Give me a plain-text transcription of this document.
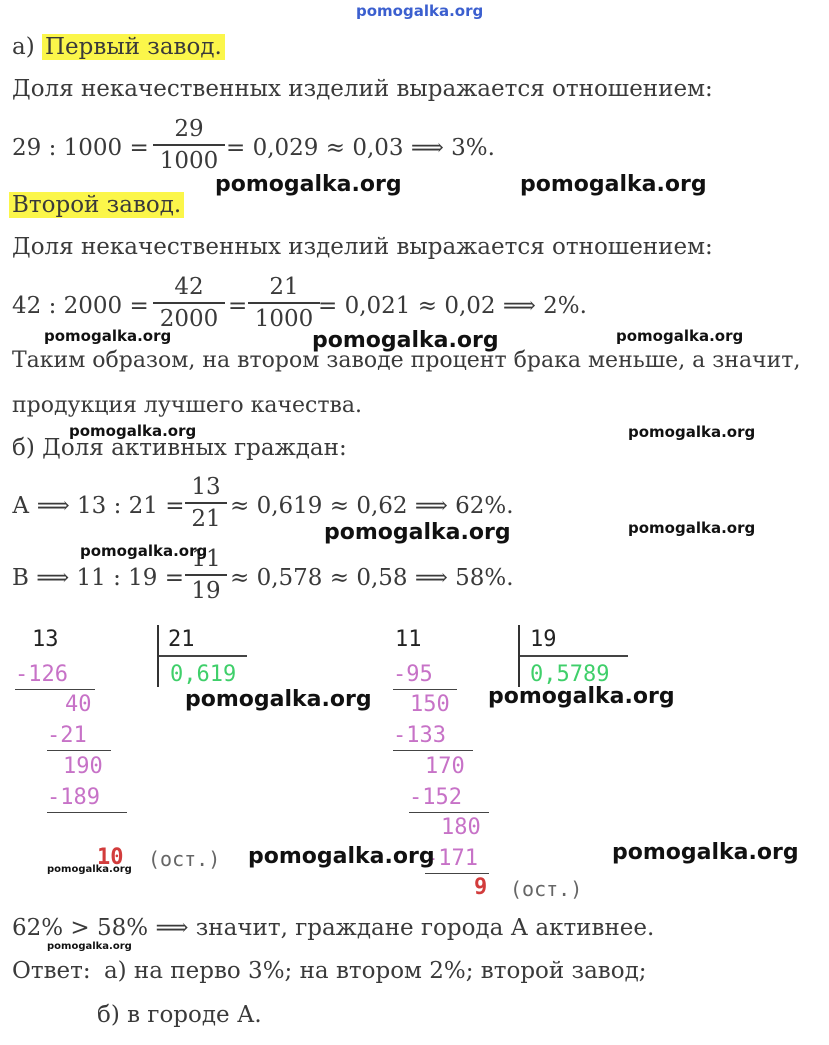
pomogalka.org
а) Первый завод.
Доля некачественных изделий выражается отношением:
29 : 1000 =
29
1000 = 0,029 ≈ 0,03 ⟹ 3%.
Второй завод.
Доля некачественных изделий выражается отношением:
42 : 2000 =
42
2000 =
21
1000 = 0,021 ≈ 0,02 ⟹ 2%.
Таким образом, на втором заводе процент брака меньше, а значит,
продукция лучшего качества.
б) Доля активных граждан:
А ⟹ 13 : 21 =
13
21 ≈ 0,619 ≈ 0,62 ⟹ 62%.
В ⟹ 11 : 19 =
11
19 ≈ 0,578 ≈ 0,58 ⟹ 58%.
13	21
0,619
-126
40
-21
190
-189
10 (ост.)
11	19
0,5789
-95
150
-133
170
-152
180
-171
9 (ост.)
62% > 58% ⟹ значит, граждане города А активнее.
Ответ: а) на перво 3%; на втором 2%; второй завод;
б) в городе А.
pomogalka.org	pomogalka.org
pomogalka.org	pomogalka.org	pomogalka.org
pomogalka.org	pomogalka.org
pomogalka.org	pomogalka.org
pomogalka.org
pomogalka.org	pomogalka.org
pomogalka.org	pomogalka.org
pomogalka.org
pomogalka.org
